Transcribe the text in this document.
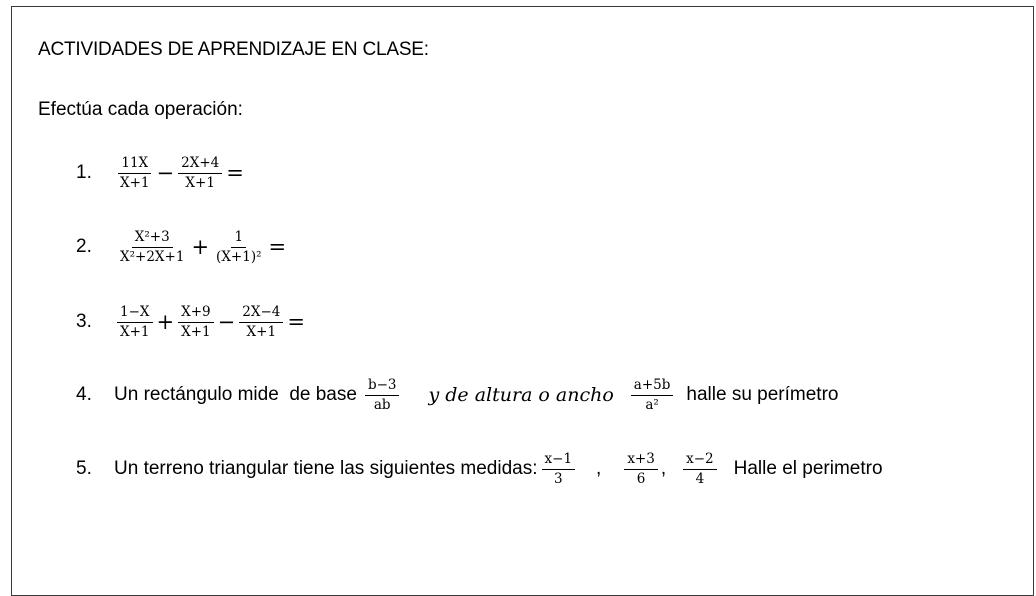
ACTIVIDADES DE APRENDIZAJE EN CLASE:
Efectúa cada operación:
1.	$\frac{11X}{X+1} - \frac{2X+4}{X+1}$ =
2.	$\frac{\text{X²+3}}{\text{X²+2X+1}} + \frac{1}{\text{(X+1)²}}$ =
3.	$\frac{1-X}{X+1} + \frac{X+9}{X+1} - \frac{2X-4}{X+1}$ =
4.	Un rectángulo mide  de base $\frac{b-3}{ab}$ y de altura o ancho $\frac{a+5b}{\text{a²}}$ halle su perímetro
5.	Un terreno triangular tiene las siguientes medidas: $\frac{x-1}{3}$ , $\frac{x+3}{6}$ , $\frac{x-2}{4}$ Halle el perimetro
